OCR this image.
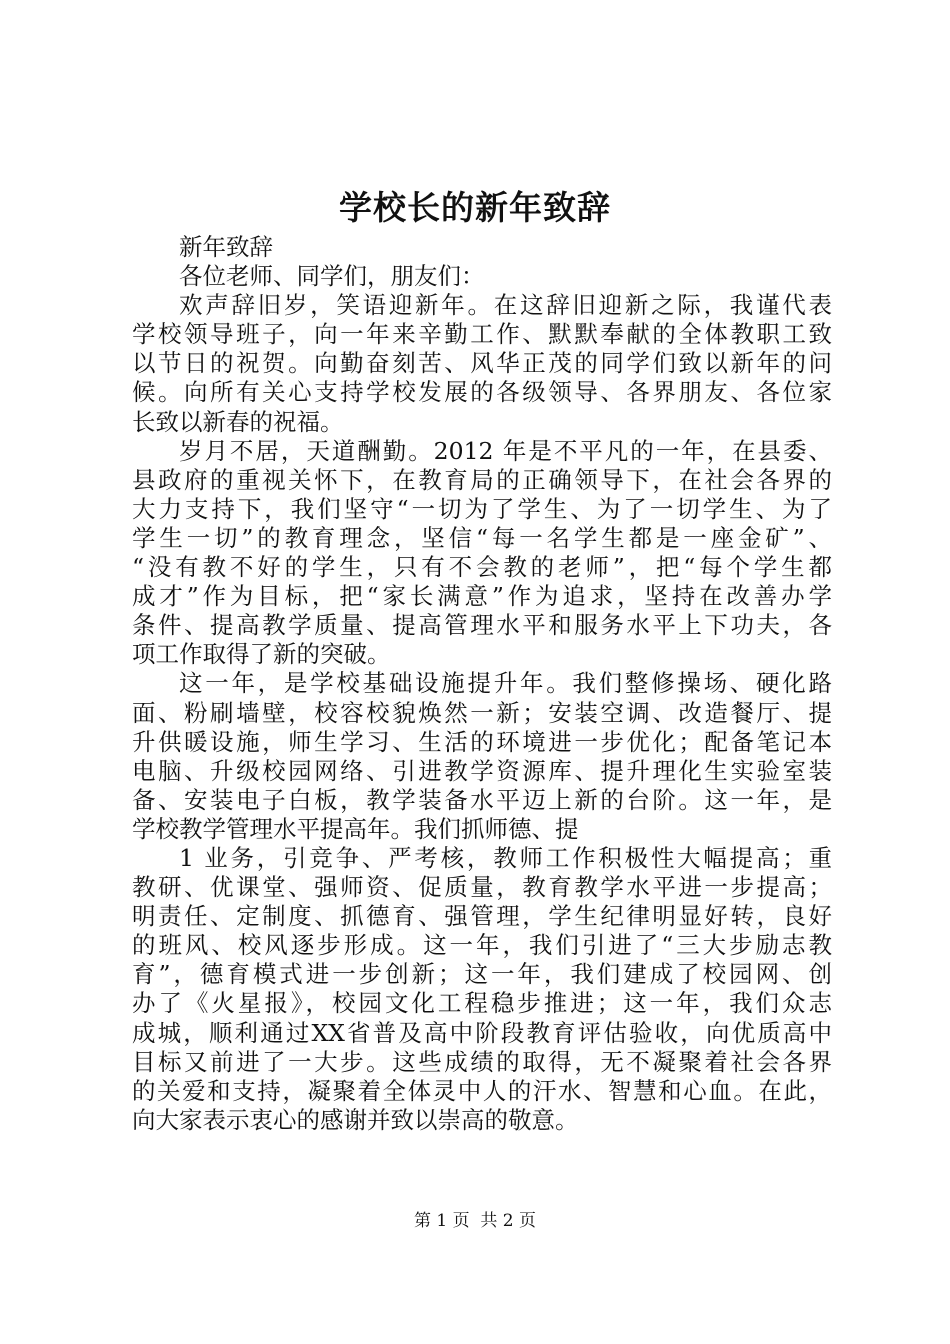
学校长的新年致辞
新年致辞
各位老师、同学们，朋友们：
欢声辞旧岁，笑语迎新年。在这辞旧迎新之际，我谨代表
学校领导班子，向一年来辛勤工作、默默奉献的全体教职工致
以节日的祝贺。向勤奋刻苦、风华正茂的同学们致以新年的问
候。向所有关心支持学校发展的各级领导、各界朋友、各位家
长致以新春的祝福。
岁月不居，天道酬勤。2012 年是不平凡的一年，在县委、
县政府的重视关怀下，在教育局的正确领导下，在社会各界的
大力支持下，我们坚守“一切为了学生、为了一切学生、为了
学生一切”的教育理念，坚信“每一名学生都是一座金矿”、
“没有教不好的学生，只有不会教的老师”，把“每个学生都
成才”作为目标，把“家长满意”作为追求，坚持在改善办学
条件、提高教学质量、提高管理水平和服务水平上下功夫，各
项工作取得了新的突破。
这一年，是学校基础设施提升年。我们整修操场、硬化路
面、粉刷墙壁，校容校貌焕然一新；安装空调、改造餐厅、提
升供暖设施，师生学习、生活的环境进一步优化；配备笔记本
电脑、升级校园网络、引进教学资源库、提升理化生实验室装
备、安装电子白板，教学装备水平迈上新的台阶。这一年，是
学校教学管理水平提高年。我们抓师德、提
1 业务，引竞争、严考核，教师工作积极性大幅提高；重
教研、优课堂、强师资、促质量，教育教学水平进一步提高；
明责任、定制度、抓德育、强管理，学生纪律明显好转，良好
的班风、校风逐步形成。这一年，我们引进了“三大步励志教
育”，德育模式进一步创新；这一年，我们建成了校园网、创
办了《火星报》，校园文化工程稳步推进；这一年，我们众志
成城，顺利通过XX省普及高中阶段教育评估验收，向优质高中
目标又前进了一大步。这些成绩的取得，无不凝聚着社会各界
的关爱和支持，凝聚着全体灵中人的汗水、智慧和心血。在此，
向大家表示衷心的感谢并致以崇高的敬意。
第 1 页  共 2 页
